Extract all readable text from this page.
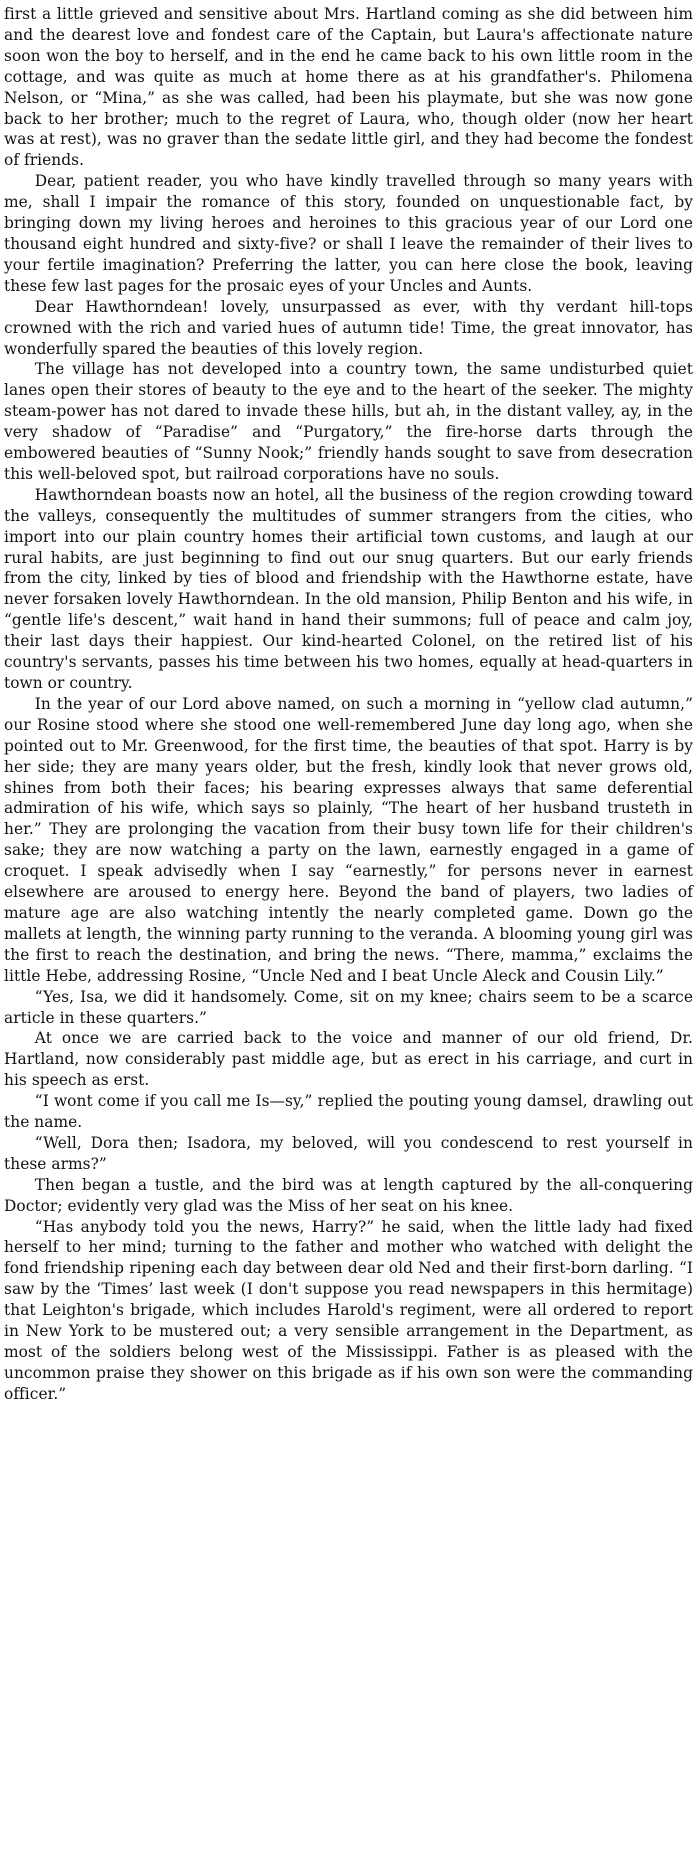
first a little grieved and sensitive about Mrs. Hartland coming as she did between him and the dearest love and fondest care of the Captain, but Laura's affectionate nature soon won the boy to herself, and in the end he came back to his own little room in the cottage, and was quite as much at home there as at his grandfather's. Philomena Nelson, or “Mina,” as she was called, had been his playmate, but she was now gone back to her brother; much to the regret of Laura, who, though older (now her heart was at rest), was no graver than the sedate little girl, and they had become the fondest of friends.

Dear, patient reader, you who have kindly travelled through so many years with me, shall I impair the romance of this story, founded on unquestionable fact, by bringing down my living heroes and heroines to this gracious year of our Lord one thousand eight hundred and sixty-five? or shall I leave the remainder of their lives to your fertile imagination? Preferring the latter, you can here close the book, leaving these few last pages for the prosaic eyes of your Uncles and Aunts.

Dear Hawthorndean! lovely, unsurpassed as ever, with thy verdant hill-tops crowned with the rich and varied hues of autumn tide! Time, the great innovator, has wonderfully spared the beauties of this lovely region.

The village has not developed into a country town, the same undisturbed quiet lanes open their stores of beauty to the eye and to the heart of the seeker. The mighty steam-power has not dared to invade these hills, but ah, in the distant valley, ay, in the very shadow of “Paradise” and “Purgatory,” the fire-horse darts through the embowered beauties of “Sunny Nook;” friendly hands sought to save from desecration this well-beloved spot, but railroad corporations have no souls.

Hawthorndean boasts now an hotel, all the business of the region crowding toward the valleys, consequently the multitudes of summer strangers from the cities, who import into our plain country homes their artificial town customs, and laugh at our rural habits, are just beginning to find out our snug quarters. But our early friends from the city, linked by ties of blood and friendship with the Hawthorne estate, have never forsaken lovely Hawthorndean. In the old mansion, Philip Benton and his wife, in “gentle life's descent,” wait hand in hand their summons; full of peace and calm joy, their last days their happiest. Our kind-hearted Colonel, on the retired list of his country's servants, passes his time between his two homes, equally at head-quarters in town or country.

In the year of our Lord above named, on such a morning in “yellow clad autumn,” our Rosine stood where she stood one well-remembered June day long ago, when she pointed out to Mr. Greenwood, for the first time, the beauties of that spot. Harry is by her side; they are many years older, but the fresh, kindly look that never grows old, shines from both their faces; his bearing expresses always that same deferential admiration of his wife, which says so plainly, “The heart of her husband trusteth in her.” They are prolonging the vacation from their busy town life for their children's sake; they are now watching a party on the lawn, earnestly engaged in a game of croquet. I speak advisedly when I say “earnestly,” for persons never in earnest elsewhere are aroused to energy here. Beyond the band of players, two ladies of mature age are also watching intently the nearly completed game. Down go the mallets at length, the winning party running to the veranda. A blooming young girl was the first to reach the destination, and bring the news. “There, mamma,” exclaims the little Hebe, addressing Rosine, “Uncle Ned and I beat Uncle Aleck and Cousin Lily.”

“Yes, Isa, we did it handsomely. Come, sit on my knee; chairs seem to be a scarce article in these quarters.”

At once we are carried back to the voice and manner of our old friend, Dr. Hartland, now considerably past middle age, but as erect in his carriage, and curt in his speech as erst.

“I wont come if you call me Is—sy,” replied the pouting young damsel, drawling out the name.

“Well, Dora then; Isadora, my beloved, will you condescend to rest yourself in these arms?”

Then began a tustle, and the bird was at length captured by the all-conquering Doctor; evidently very glad was the Miss of her seat on his knee.

“Has anybody told you the news, Harry?” he said, when the little lady had fixed herself to her mind; turning to the father and mother who watched with delight the fond friendship ripening each day between dear old Ned and their first-born darling. “I saw by the ‘Times’ last week (I don't suppose you read newspapers in this hermitage) that Leighton's brigade, which includes Harold's regiment, were all ordered to report in New York to be mustered out; a very sensible arrangement in the Department, as most of the soldiers belong west of the Mississippi. Father is as pleased with the uncommon praise they shower on this brigade as if his own son were the commanding officer.”
